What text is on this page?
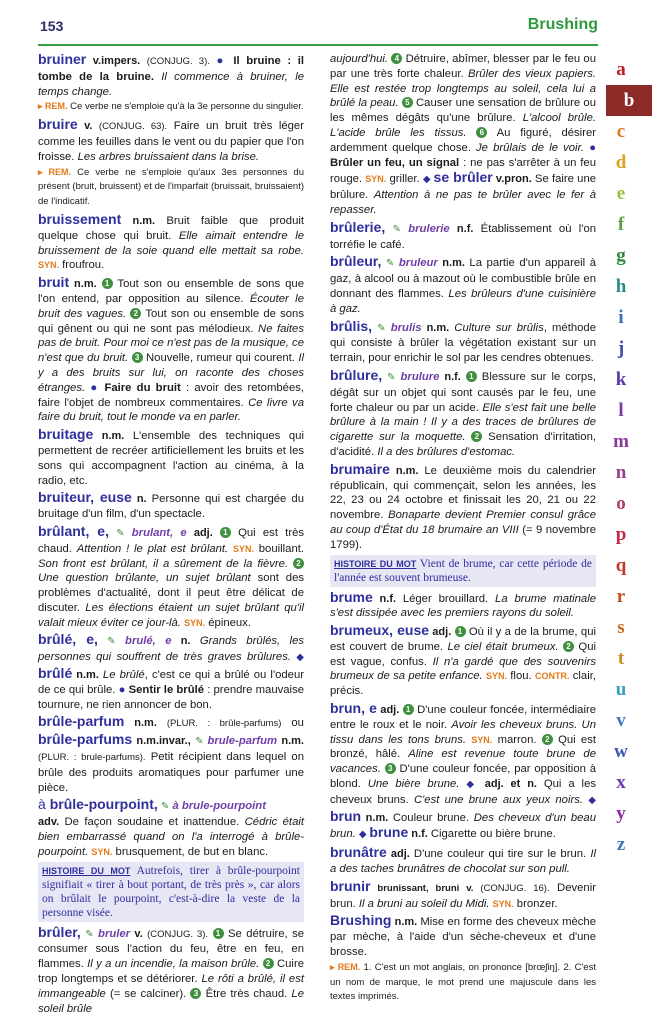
153	Brushing
bruiner v.impers. (CONJUG. 3). ● Il bruine : il tombe de la bruine. Il commence à bruiner, le temps change.
▸ REM. Ce verbe ne s'emploie qu'à la 3e personne du singulier.
bruire v. (CONJUG. 63). Faire un bruit très léger comme les feuilles dans le vent ou du papier que l'on froisse. Les arbres bruissaient dans la brise.
▸ REM. Ce verbe ne s'emploie qu'aux 3es personnes du présent (bruit, bruissent) et de l'imparfait (bruissait, bruissaient) de l'indicatif.
bruissement n.m. Bruit faible que produit quelque chose qui bruit. Elle aimait entendre le bruissement de la soie quand elle mettait sa robe. SYN. froufrou.
bruit n.m. 1 Tout son ou ensemble de sons que l'on entend, par opposition au silence. Écouter le bruit des vagues. 2 Tout son ou ensemble de sons qui gênent ou qui ne sont pas mélodieux. Ne faites pas de bruit. Pour moi ce n'est pas de la musique, ce n'est que du bruit. 3 Nouvelle, rumeur qui courent. Il y a des bruits sur lui, on raconte des choses étranges. ● Faire du bruit : avoir des retombées, faire l'objet de nombreux commentaires. Ce livre va faire du bruit, tout le monde va en parler.
bruitage n.m. L'ensemble des techniques qui permettent de recréer artificiellement les bruits et les sons qui accompagnent l'action au cinéma, à la radio, etc.
bruiteur, euse n. Personne qui est chargée du bruitage d'un film, d'un spectacle.
brûlant, e, ✎ brulant, e adj. 1 Qui est très chaud. Attention ! le plat est brûlant. SYN. bouillant. Son front est brûlant, il a sûrement de la fièvre. 2 Une question brûlante, un sujet brûlant sont des problèmes d'actualité, dont il peut être délicat de discuter. Les élections étaient un sujet brûlant qu'il valait mieux éviter ce jour-là. SYN. épineux.
brûlé, e, ✎ brulé, e n. Grands brûlés, les personnes qui souffrent de très graves brûlures. ◆ brûlé n.m. Le brûlé, c'est ce qui a brûlé ou l'odeur de ce qui brûle. ● Sentir le brûlé : prendre mauvaise tournure, ne rien annoncer de bon.
brûle-parfum n.m. (PLUR. : brûle-parfums) ou brûle-parfums n.m.invar., ✎ brule-parfum n.m. (PLUR. : brule-parfums). Petit récipient dans lequel on brûle des produits aromatiques pour parfumer une pièce.
à brûle-pourpoint, ✎ à brule-pourpoint
adv. De façon soudaine et inattendue. Cédric était bien embarrassé quand on l'a interrogé à brûle-pourpoint. SYN. brusquement, de but en blanc.
HISTOIRE DU MOT Autrefois, tirer à brûle-pourpoint signifiait « tirer à bout portant, de très près », car alors on brûlait le pourpoint, c'est-à-dire la veste de la personne visée.
brûler, ✎ bruler v. (CONJUG. 3). 1 Se détruire, se consumer sous l'action du feu, être en feu, en flammes. Il y a un incendie, la maison brûle. 2 Cuire trop longtemps et se détériorer. Le rôti a brûlé, il est immangeable (= se calciner). 3 Être très chaud. Le soleil brûle
aujourd'hui. 4 Détruire, abîmer, blesser par le feu ou par une très forte chaleur. Brûler des vieux papiers. Elle est restée trop longtemps au soleil, cela lui a brûlé la peau. 5 Causer une sensation de brûlure ou les mêmes dégâts qu'une brûlure. L'alcool brûle. L'acide brûle les tissus. 6 Au figuré, désirer ardemment quelque chose. Je brûlais de le voir. ● Brûler un feu, un signal : ne pas s'arrêter à un feu rouge. SYN. griller. ◆ se brûler v.pron. Se faire une brûlure. Attention à ne pas te brûler avec le fer à repasser.
brûlerie, ✎ brulerie n.f. Établissement où l'on torréfie le café.
brûleur, ✎ bruleur n.m. La partie d'un appareil à gaz, à alcool ou à mazout où le combustible brûle en donnant des flammes. Les brûleurs d'une cuisinière à gaz.
brûlis, ✎ brulis n.m. Culture sur brûlis, méthode qui consiste à brûler la végétation existant sur un terrain, pour enrichir le sol par les cendres obtenues.
brûlure, ✎ brulure n.f. 1 Blessure sur le corps, dégât sur un objet qui sont causés par le feu, une forte chaleur ou par un acide. Elle s'est fait une belle brûlure à la main ! Il y a des traces de brûlures de cigarette sur la moquette. 2 Sensation d'irritation, d'acidité. Il a des brûlures d'estomac.
brumaire n.m. Le deuxième mois du calendrier républicain, qui commençait, selon les années, les 22, 23 ou 24 octobre et finissait les 20, 21 ou 22 novembre. Bonaparte devient Premier consul grâce au coup d'État du 18 brumaire an VIII (= 9 novembre 1799).
HISTOIRE DU MOT Vient de brume, car cette période de l'année est souvent brumeuse.
brume n.f. Léger brouillard. La brume matinale s'est dissipée avec les premiers rayons du soleil.
brumeux, euse adj. 1 Où il y a de la brume, qui est couvert de brume. Le ciel était brumeux. 2 Qui est vague, confus. Il n'a gardé que des souvenirs brumeux de sa petite enfance. SYN. flou. CONTR. clair, précis.
brun, e adj. 1 D'une couleur foncée, intermédiaire entre le roux et le noir. Avoir les cheveux bruns. Un tissu dans les tons bruns. SYN. marron. 2 Qui est bronzé, hâlé. Aline est revenue toute brune de vacances. 3 D'une couleur foncée, par opposition à blond. Une bière brune. ◆ adj. et n. Qui a les cheveux bruns. C'est une brune aux yeux noirs. ◆ brun n.m. Couleur brune. Des cheveux d'un beau brun. ◆ brune n.f. Cigarette ou bière brune.
brunâtre adj. D'une couleur qui tire sur le brun. Il a des taches brunâtres de chocolat sur son pull.
brunir brunissant, bruni v. (CONJUG. 16). Devenir brun. Il a bruni au soleil du Midi. SYN. bronzer.
Brushing n.m. Mise en forme des cheveux mèche par mèche, à l'aide d'un sèche-cheveux et d'une brosse.
▸ REM. 1. C'est un mot anglais, on prononce [brœʃiŋ]. 2. C'est un nom de marque, le mot prend une majuscule dans les textes imprimés.
a
b
c
d
e
f
g
h
i
j
k
l
m
n
o
p
q
r
s
t
u
v
w
x
y
z
